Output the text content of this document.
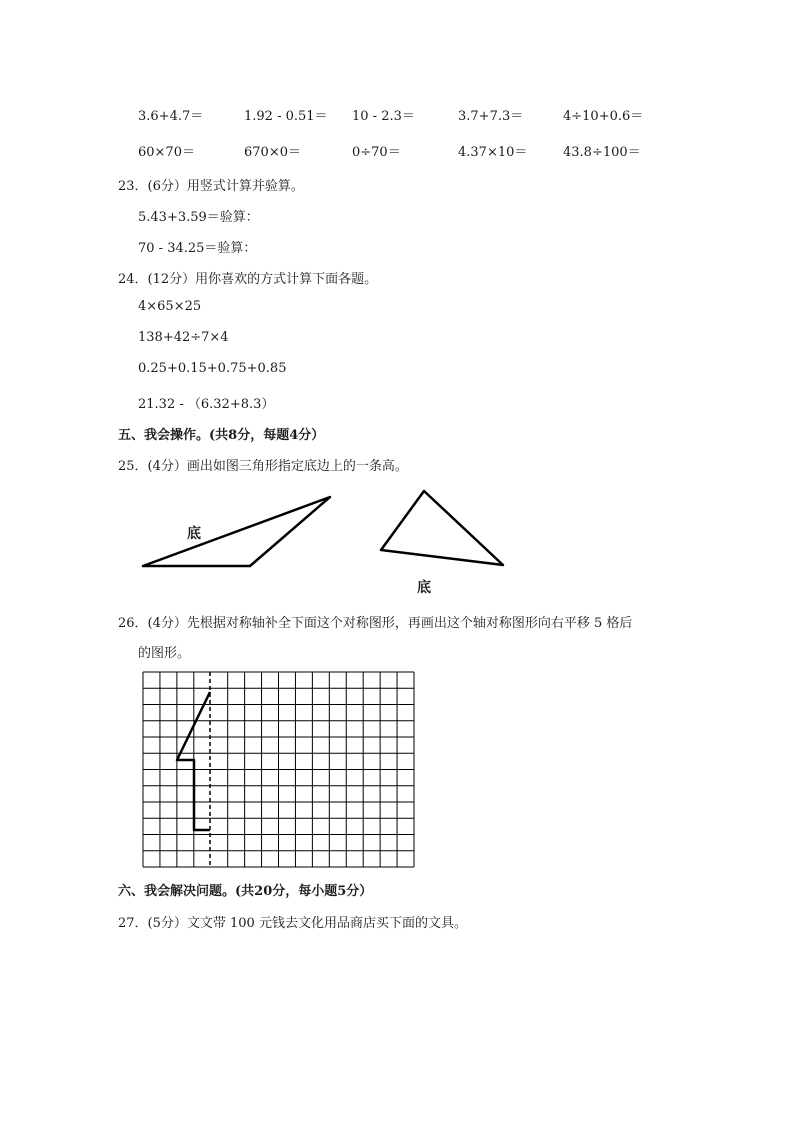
3.6+4.7＝	1.92 - 0.51＝ 10 - 2.3＝	3.7+7.3＝	4÷10+0.6＝
60×70＝	670×0＝	0÷70＝	4.37×10＝	43.8÷100＝
23．(6分）用竖式计算并验算。
5.43+3.59＝验算：
70 - 34.25＝验算：
24．(12分）用你喜欢的方式计算下面各题。
4×65×25
138+42÷7×4
0.25+0.15+0.75+0.85
21.32 - （6.32+8.3）
五、我会操作。(共8分，每题4分）
25．(4分）画出如图三角形指定底边上的一条高。
底
底
26．(4分）先根据对称轴补全下面这个对称图形，再画出这个轴对称图形向右平移 5 格后
的图形。
六、我会解决问题。(共20分，每小题5分）
27．(5分）文文带 100 元钱去文化用品商店买下面的文具。
